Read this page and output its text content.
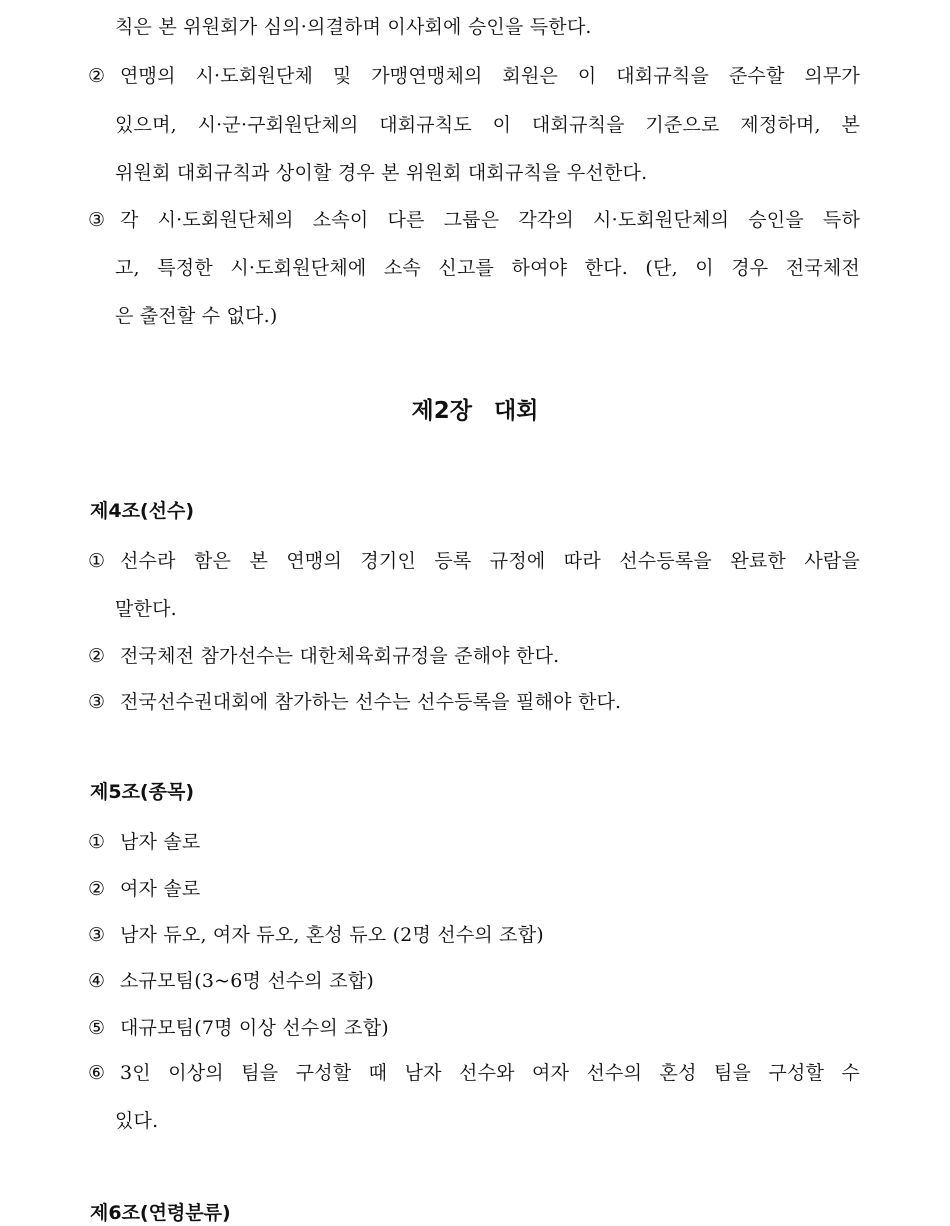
칙은 본 위원회가 심의·의결하며 이사회에 승인을 득한다.
② 연맹의 시·도회원단체 및 가맹연맹체의 회원은 이 대회규칙을 준수할 의무가
있으며, 시·군·구회원단체의 대회규칙도 이 대회규칙을 기준으로 제정하며, 본
위원회 대회규칙과 상이할 경우 본 위원회 대회규칙을 우선한다.
③ 각 시·도회원단체의 소속이 다른 그룹은 각각의 시·도회원단체의 승인을 득하
고, 특정한 시·도회원단체에 소속 신고를 하여야 한다. (단, 이 경우 전국체전
은 출전할 수 없다.)
제2장 대회
제4조(선수)
① 선수라 함은 본 연맹의 경기인 등록 규정에 따라 선수등록을 완료한 사람을
말한다.
② 전국체전 참가선수는 대한체육회규정을 준해야 한다.
③ 전국선수권대회에 참가하는 선수는 선수등록을 필해야 한다.
제5조(종목)
① 남자 솔로
② 여자 솔로
③ 남자 듀오, 여자 듀오, 혼성 듀오 (2명 선수의 조합)
④ 소규모팀(3~6명 선수의 조합)
⑤ 대규모팀(7명 이상 선수의 조합)
⑥ 3인 이상의 팀을 구성할 때 남자 선수와 여자 선수의 혼성 팀을 구성할 수
있다.
제6조(연령분류)
